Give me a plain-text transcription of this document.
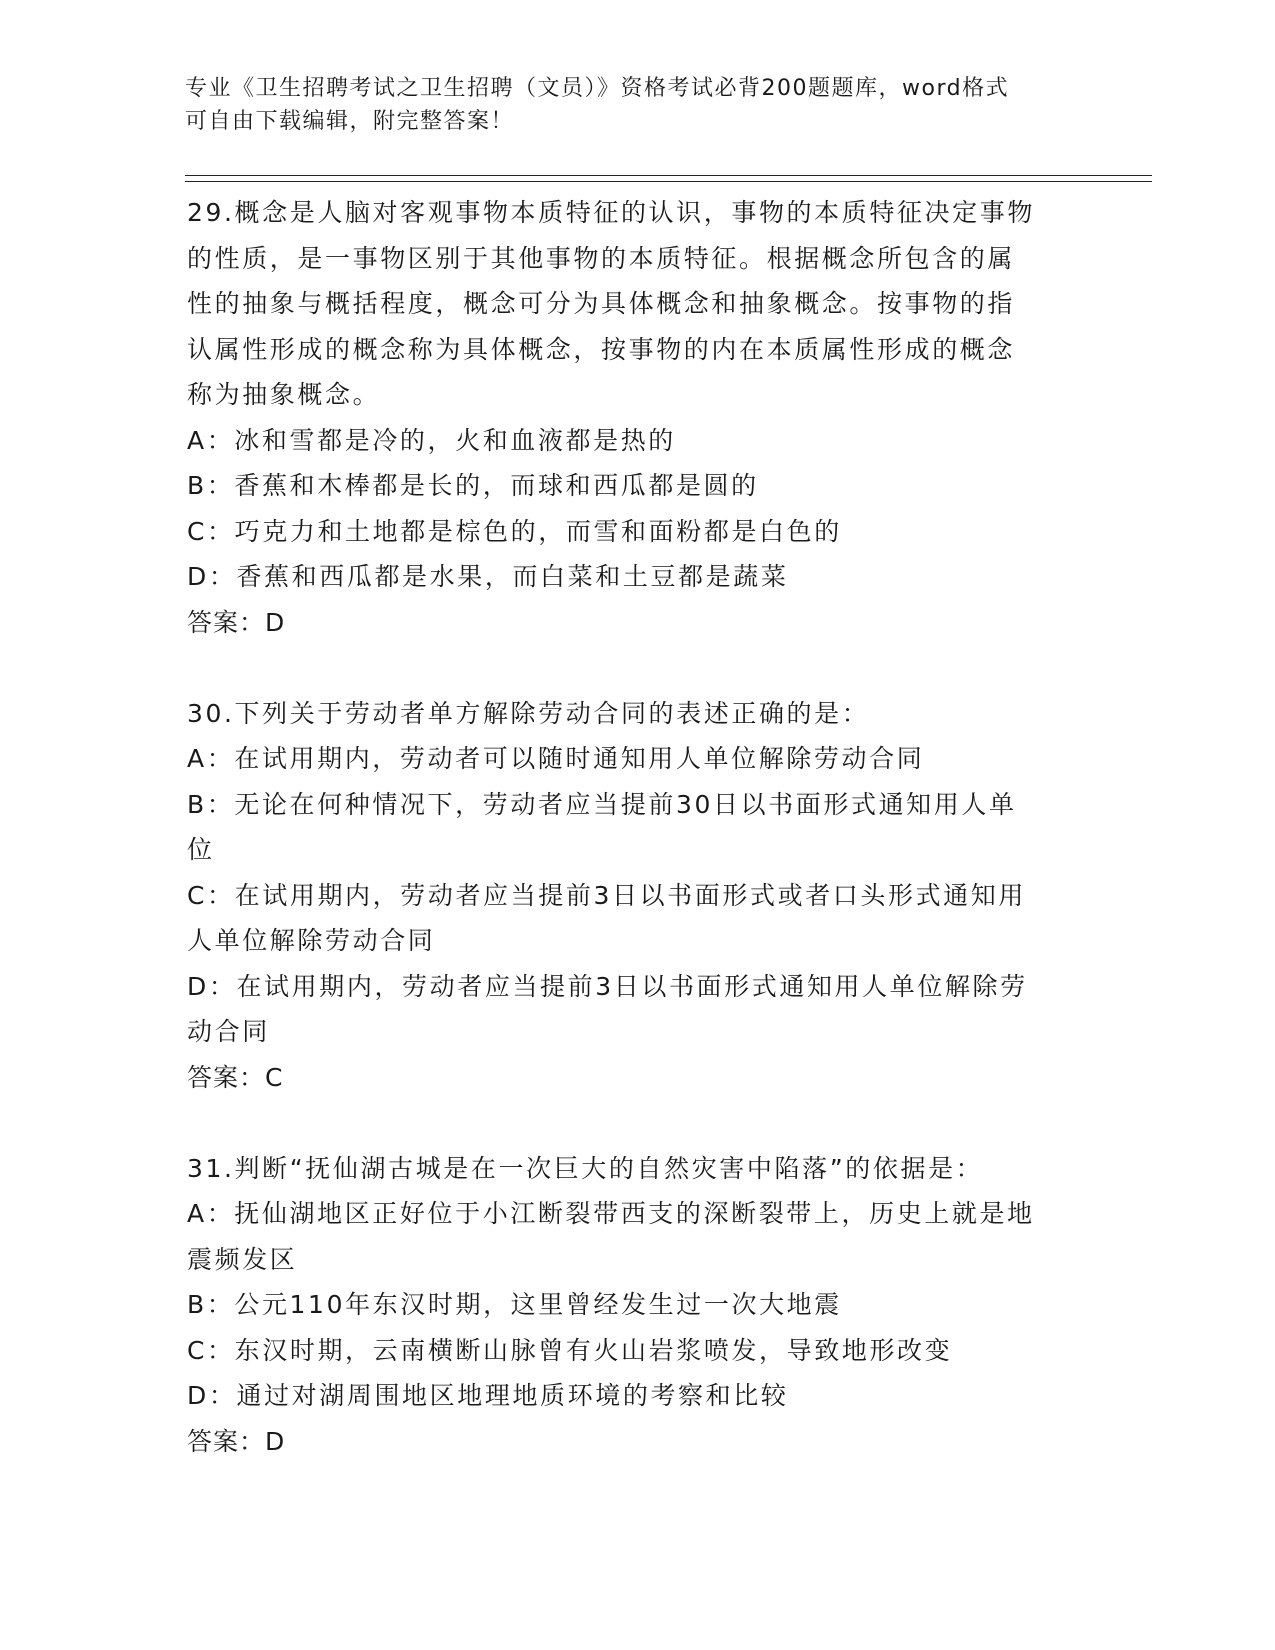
专业《卫生招聘考试之卫生招聘（文员）》资格考试必背200题题库，word格式
可自由下载编辑，附完整答案！
29.概念是人脑对客观事物本质特征的认识，事物的本质特征决定事物
的性质，是一事物区别于其他事物的本质特征。根据概念所包含的属
性的抽象与概括程度，概念可分为具体概念和抽象概念。按事物的指
认属性形成的概念称为具体概念，按事物的内在本质属性形成的概念
称为抽象概念。
A：冰和雪都是冷的，火和血液都是热的
B：香蕉和木棒都是长的，而球和西瓜都是圆的
C：巧克力和土地都是棕色的，而雪和面粉都是白色的
D：香蕉和西瓜都是水果，而白菜和土豆都是蔬菜
答案：D
30.下列关于劳动者单方解除劳动合同的表述正确的是：
A：在试用期内，劳动者可以随时通知用人单位解除劳动合同
B：无论在何种情况下，劳动者应当提前30日以书面形式通知用人单
位
C：在试用期内，劳动者应当提前3日以书面形式或者口头形式通知用
人单位解除劳动合同
D：在试用期内，劳动者应当提前3日以书面形式通知用人单位解除劳
动合同
答案：C
31.判断“抚仙湖古城是在一次巨大的自然灾害中陷落”的依据是：
A：抚仙湖地区正好位于小江断裂带西支的深断裂带上，历史上就是地
震频发区
B：公元110年东汉时期，这里曾经发生过一次大地震
C：东汉时期，云南横断山脉曾有火山岩浆喷发，导致地形改变
D：通过对湖周围地区地理地质环境的考察和比较
答案：D
